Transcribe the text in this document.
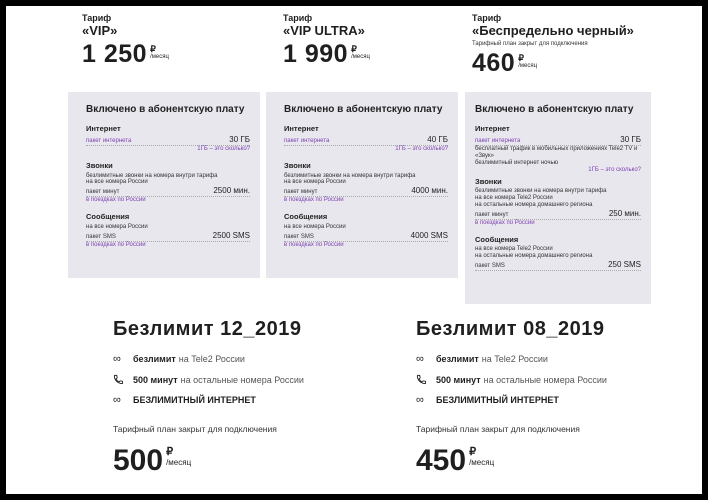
Тариф
«VIP»
1 250 ₽
/месяц
Тариф
«VIP ULTRA»
1 990 ₽
/месяц
Тариф
«Беспредельно черный»
Тарифный план закрыт для подключения
460 ₽
/месяц
Включено в абонентскую плату
Интернет
пакет интернета	30 ГБ
1ГБ – это сколько?
Звонки
безлимитные звонки на номера внутри тарифа
на все номера России
пакет минут	2500 мин.
в поездках по России
Сообщения
на все номера России
пакет SMS	2500 SMS
в поездках по России
Включено в абонентскую плату
Интернет
пакет интернета	40 ГБ
1ГБ – это сколько?
Звонки
безлимитные звонки на номера внутри тарифа
на все номера России
пакет минут	4000 мин.
в поездках по России
Сообщения
на все номера России
пакет SMS	4000 SMS
в поездках по России
Включено в абонентскую плату
Интернет
пакет интернета	30 ГБ
бесплатный трафик в мобильных приложениях Tele2 TV и «Звук»
безлимитный интернет ночью
1ГБ – это сколько?
Звонки
безлимитные звонки на номера внутри тарифа
на все номера Tele2 России
на остальные номера домашнего региона
пакет минут	250 мин.
в поездках по России
Сообщения
на все номера Tele2 России
на остальные номера домашнего региона
пакет SMS	250 SMS
Безлимит 12_2019
∞	безлимит на Tele2 России
500 минут на остальные номера России
∞	БЕЗЛИМИТНЫЙ ИНТЕРНЕТ
Тарифный план закрыт для подключения
500 ₽
/месяц
Безлимит 08_2019
∞	безлимит на Tele2 России
500 минут на остальные номера России
∞	БЕЗЛИМИТНЫЙ ИНТЕРНЕТ
Тарифный план закрыт для подключения
450 ₽
/месяц
